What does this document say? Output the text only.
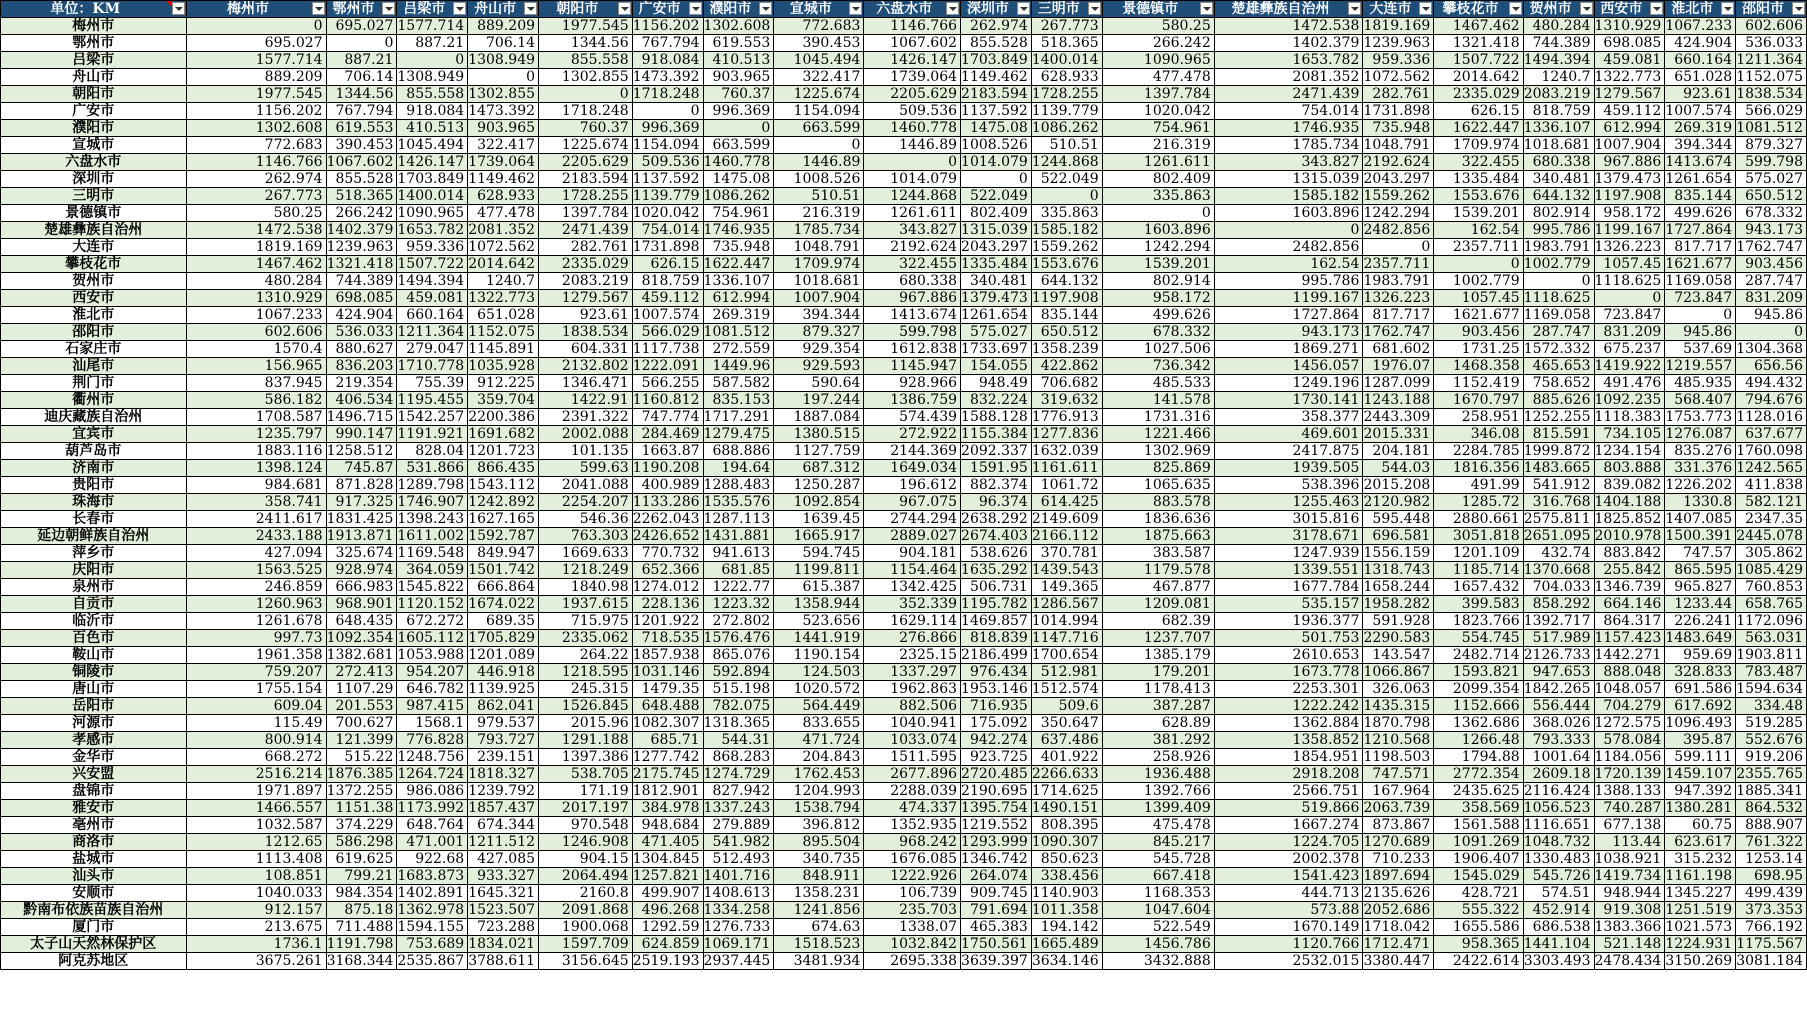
单位：KM	梅州市	鄂州市	吕梁市	舟山市	朝阳市	广安市	濮阳市	宣城市	六盘水市	深圳市	三明市	景德镇市	楚雄彝族自治州	大连市	攀枝花市	贺州市	西安市	淮北市	邵阳市

梅州市	0	695.027	1577.714	889.209	1977.545	1156.202	1302.608	772.683	1146.766	262.974	267.773	580.25	1472.538	1819.169	1467.462	480.284	1310.929	1067.233	602.606
鄂州市	695.027	0	887.21	706.14	1344.56	767.794	619.553	390.453	1067.602	855.528	518.365	266.242	1402.379	1239.963	1321.418	744.389	698.085	424.904	536.033
吕梁市	1577.714	887.21	0	1308.949	855.558	918.084	410.513	1045.494	1426.147	1703.849	1400.014	1090.965	1653.782	959.336	1507.722	1494.394	459.081	660.164	1211.364
舟山市	889.209	706.14	1308.949	0	1302.855	1473.392	903.965	322.417	1739.064	1149.462	628.933	477.478	2081.352	1072.562	2014.642	1240.7	1322.773	651.028	1152.075
朝阳市	1977.545	1344.56	855.558	1302.855	0	1718.248	760.37	1225.674	2205.629	2183.594	1728.255	1397.784	2471.439	282.761	2335.029	2083.219	1279.567	923.61	1838.534
广安市	1156.202	767.794	918.084	1473.392	1718.248	0	996.369	1154.094	509.536	1137.592	1139.779	1020.042	754.014	1731.898	626.15	818.759	459.112	1007.574	566.029
濮阳市	1302.608	619.553	410.513	903.965	760.37	996.369	0	663.599	1460.778	1475.08	1086.262	754.961	1746.935	735.948	1622.447	1336.107	612.994	269.319	1081.512
宣城市	772.683	390.453	1045.494	322.417	1225.674	1154.094	663.599	0	1446.89	1008.526	510.51	216.319	1785.734	1048.791	1709.974	1018.681	1007.904	394.344	879.327
六盘水市	1146.766	1067.602	1426.147	1739.064	2205.629	509.536	1460.778	1446.89	0	1014.079	1244.868	1261.611	343.827	2192.624	322.455	680.338	967.886	1413.674	599.798
深圳市	262.974	855.528	1703.849	1149.462	2183.594	1137.592	1475.08	1008.526	1014.079	0	522.049	802.409	1315.039	2043.297	1335.484	340.481	1379.473	1261.654	575.027
三明市	267.773	518.365	1400.014	628.933	1728.255	1139.779	1086.262	510.51	1244.868	522.049	0	335.863	1585.182	1559.262	1553.676	644.132	1197.908	835.144	650.512
景德镇市	580.25	266.242	1090.965	477.478	1397.784	1020.042	754.961	216.319	1261.611	802.409	335.863	0	1603.896	1242.294	1539.201	802.914	958.172	499.626	678.332
楚雄彝族自治州	1472.538	1402.379	1653.782	2081.352	2471.439	754.014	1746.935	1785.734	343.827	1315.039	1585.182	1603.896	0	2482.856	162.54	995.786	1199.167	1727.864	943.173
大连市	1819.169	1239.963	959.336	1072.562	282.761	1731.898	735.948	1048.791	2192.624	2043.297	1559.262	1242.294	2482.856	0	2357.711	1983.791	1326.223	817.717	1762.747
攀枝花市	1467.462	1321.418	1507.722	2014.642	2335.029	626.15	1622.447	1709.974	322.455	1335.484	1553.676	1539.201	162.54	2357.711	0	1002.779	1057.45	1621.677	903.456
贺州市	480.284	744.389	1494.394	1240.7	2083.219	818.759	1336.107	1018.681	680.338	340.481	644.132	802.914	995.786	1983.791	1002.779	0	1118.625	1169.058	287.747
西安市	1310.929	698.085	459.081	1322.773	1279.567	459.112	612.994	1007.904	967.886	1379.473	1197.908	958.172	1199.167	1326.223	1057.45	1118.625	0	723.847	831.209
淮北市	1067.233	424.904	660.164	651.028	923.61	1007.574	269.319	394.344	1413.674	1261.654	835.144	499.626	1727.864	817.717	1621.677	1169.058	723.847	0	945.86
邵阳市	602.606	536.033	1211.364	1152.075	1838.534	566.029	1081.512	879.327	599.798	575.027	650.512	678.332	943.173	1762.747	903.456	287.747	831.209	945.86	0
石家庄市	1570.4	880.627	279.047	1145.891	604.331	1117.738	272.559	929.354	1612.838	1733.697	1358.239	1027.506	1869.271	681.602	1731.25	1572.332	675.237	537.69	1304.368
汕尾市	156.965	836.203	1710.778	1035.928	2132.802	1222.091	1449.96	929.593	1145.947	154.055	422.862	736.342	1456.057	1976.07	1468.358	465.653	1419.922	1219.557	656.56
荆门市	837.945	219.354	755.39	912.225	1346.471	566.255	587.582	590.64	928.966	948.49	706.682	485.533	1249.196	1287.099	1152.419	758.652	491.476	485.935	494.432
衢州市	586.182	406.534	1195.455	359.704	1422.91	1160.812	835.153	197.244	1386.759	832.224	319.632	141.578	1730.141	1243.188	1670.797	885.626	1092.235	568.407	794.676
迪庆藏族自治州	1708.587	1496.715	1542.257	2200.386	2391.322	747.774	1717.291	1887.084	574.439	1588.128	1776.913	1731.316	358.377	2443.309	258.951	1252.255	1118.383	1753.773	1128.016
宜宾市	1235.797	990.147	1191.921	1691.682	2002.088	284.469	1279.475	1380.515	272.922	1155.384	1277.836	1221.466	469.601	2015.331	346.08	815.591	734.105	1276.087	637.677
葫芦岛市	1883.116	1258.512	828.04	1201.723	101.135	1663.87	688.886	1127.759	2144.369	2092.337	1632.039	1302.969	2417.875	204.181	2284.785	1999.872	1234.154	835.276	1760.098
济南市	1398.124	745.87	531.866	866.435	599.63	1190.208	194.64	687.312	1649.034	1591.95	1161.611	825.869	1939.505	544.03	1816.356	1483.665	803.888	331.376	1242.565
贵阳市	984.681	871.828	1289.798	1543.112	2041.088	400.989	1288.483	1250.287	196.612	882.374	1061.72	1065.635	538.396	2015.208	491.99	541.912	839.082	1226.202	411.838
珠海市	358.741	917.325	1746.907	1242.892	2254.207	1133.286	1535.576	1092.854	967.075	96.374	614.425	883.578	1255.463	2120.982	1285.72	316.768	1404.188	1330.8	582.121
长春市	2411.617	1831.425	1398.243	1627.165	546.36	2262.043	1287.113	1639.45	2744.294	2638.292	2149.609	1836.636	3015.816	595.448	2880.661	2575.811	1825.852	1407.085	2347.35
延边朝鲜族自治州	2433.188	1913.871	1611.002	1592.787	763.303	2426.652	1431.881	1665.917	2889.027	2674.403	2166.112	1875.663	3178.671	696.581	3051.818	2651.095	2010.978	1500.391	2445.078
萍乡市	427.094	325.674	1169.548	849.947	1669.633	770.732	941.613	594.745	904.181	538.626	370.781	383.587	1247.939	1556.159	1201.109	432.74	883.842	747.57	305.862
庆阳市	1563.525	928.974	364.059	1501.742	1218.249	652.366	681.85	1199.811	1154.464	1635.292	1439.543	1179.578	1339.551	1318.743	1185.714	1370.668	255.842	865.595	1085.429
泉州市	246.859	666.983	1545.822	666.864	1840.98	1274.012	1222.77	615.387	1342.425	506.731	149.365	467.877	1677.784	1658.244	1657.432	704.033	1346.739	965.827	760.853
自贡市	1260.963	968.901	1120.152	1674.022	1937.615	228.136	1223.32	1358.944	352.339	1195.782	1286.567	1209.081	535.157	1958.282	399.583	858.292	664.146	1233.44	658.765
临沂市	1261.678	648.435	672.272	689.35	715.975	1201.922	272.802	523.656	1629.114	1469.857	1014.994	682.39	1936.377	591.928	1823.766	1392.717	864.317	226.241	1172.096
百色市	997.73	1092.354	1605.112	1705.829	2335.062	718.535	1576.476	1441.919	276.866	818.839	1147.716	1237.707	501.753	2290.583	554.745	517.989	1157.423	1483.649	563.031
鞍山市	1961.358	1382.681	1053.988	1201.089	264.22	1857.938	865.076	1190.154	2325.15	2186.499	1700.654	1385.179	2610.653	143.547	2482.714	2126.733	1442.271	959.69	1903.811
铜陵市	759.207	272.413	954.207	446.918	1218.595	1031.146	592.894	124.503	1337.297	976.434	512.981	179.201	1673.778	1066.867	1593.821	947.653	888.048	328.833	783.487
唐山市	1755.154	1107.29	646.782	1139.925	245.315	1479.35	515.198	1020.572	1962.863	1953.146	1512.574	1178.413	2253.301	326.063	2099.354	1842.265	1048.057	691.586	1594.634
岳阳市	609.04	201.553	987.415	862.041	1526.845	648.488	782.075	564.449	882.506	716.935	509.6	387.287	1222.242	1435.315	1152.666	556.444	704.279	617.692	334.48
河源市	115.49	700.627	1568.1	979.537	2015.96	1082.307	1318.365	833.655	1040.941	175.092	350.647	628.89	1362.884	1870.798	1362.686	368.026	1272.575	1096.493	519.285
孝感市	800.914	121.399	776.828	793.727	1291.188	685.71	544.31	471.724	1033.074	942.274	637.486	381.292	1358.852	1210.568	1266.48	793.333	578.084	395.87	552.676
金华市	668.272	515.22	1248.756	239.151	1397.386	1277.742	868.283	204.843	1511.595	923.725	401.922	258.926	1854.951	1198.503	1794.88	1001.64	1184.056	599.111	919.206
兴安盟	2516.214	1876.385	1264.724	1818.327	538.705	2175.745	1274.729	1762.453	2677.896	2720.485	2266.633	1936.488	2918.208	747.571	2772.354	2609.18	1720.139	1459.107	2355.765
盘锦市	1971.897	1372.255	986.086	1239.792	171.19	1812.901	827.942	1204.993	2288.039	2190.695	1714.625	1392.766	2566.751	167.964	2435.625	2116.424	1388.133	947.392	1885.341
雅安市	1466.557	1151.38	1173.992	1857.437	2017.197	384.978	1337.243	1538.794	474.337	1395.754	1490.151	1399.409	519.866	2063.739	358.569	1056.523	740.287	1380.281	864.532
亳州市	1032.587	374.229	648.764	674.344	970.548	948.684	279.889	396.812	1352.935	1219.552	808.395	475.478	1667.274	873.867	1561.588	1116.651	677.138	60.75	888.907
商洛市	1212.65	586.298	471.001	1211.512	1246.908	471.405	541.982	895.504	968.242	1293.999	1090.307	845.217	1224.705	1270.689	1091.269	1048.732	113.44	623.617	761.322
盐城市	1113.408	619.625	922.68	427.085	904.15	1304.845	512.493	340.735	1676.085	1346.742	850.623	545.728	2002.378	710.233	1906.407	1330.483	1038.921	315.232	1253.14
汕头市	108.851	799.21	1683.873	933.327	2064.494	1257.821	1401.716	848.911	1222.926	264.074	338.456	667.418	1541.423	1897.694	1545.029	545.726	1419.734	1161.198	698.95
安顺市	1040.033	984.354	1402.891	1645.321	2160.8	499.907	1408.613	1358.231	106.739	909.745	1140.903	1168.353	444.713	2135.626	428.721	574.51	948.944	1345.227	499.439
黔南布依族苗族自治州	912.157	875.18	1362.978	1523.507	2091.868	496.268	1334.258	1241.856	235.703	791.694	1011.358	1047.604	573.88	2052.686	555.322	452.914	919.308	1251.519	373.353
厦门市	213.675	711.488	1594.155	723.288	1900.068	1292.59	1276.733	674.63	1338.07	465.383	194.142	522.549	1670.149	1718.042	1655.586	686.538	1383.366	1021.573	766.192
太子山天然林保护区	1736.1	1191.798	753.689	1834.021	1597.709	624.859	1069.171	1518.523	1032.842	1750.561	1665.489	1456.786	1120.766	1712.471	958.365	1441.104	521.148	1224.931	1175.567
阿克苏地区	3675.261	3168.344	2535.867	3788.611	3156.645	2519.193	2937.445	3481.934	2695.338	3639.397	3634.146	3432.888	2532.015	3380.447	2422.614	3303.493	2478.434	3150.269	3081.184
